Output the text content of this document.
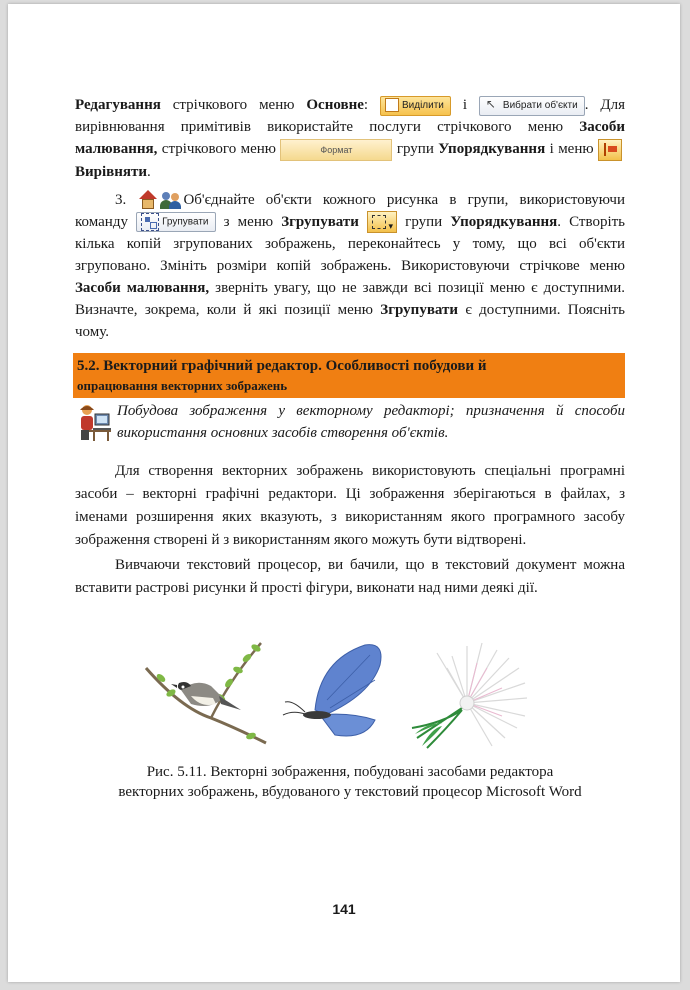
Редагування стрічкового меню Основне: Виділити і ↖Вибрати об'єкти . Для вирівнювання примітивів використайте послуги стрічкового меню Засоби малювання, стрічкового меню	Формат	групи Упорядкування і меню  Вирівняти.

3.	Об'єднайте об'єкти кожного рисунка в групи, використовуючи команду	Групувати з меню Згрупувати	▾ групи Упорядкування. Створіть кілька копій згрупованих зображень, переконайтесь у тому, що всі об'єкти згруповано. Змініть розміри копій зображень. Використовуючи стрічкове меню Засоби малювання, зверніть увагу, що не завжди всі позиції меню є доступними. Визначте, зокрема, коли й які позиції меню Згрупувати є доступними. Поясніть чому.

5.2. Векторний графічний редактор. Особливості побудови й
опрацювання векторних зображень

Побудова зображення у векторному редакторі; призначення й способи використання основних засобів створення об'єктів.

Для створення векторних зображень використовують спеціальні програмні засоби – векторні графічні редактори. Ці зображення зберігаються в файлах, з іменами розширення яких вказують, з використанням якого програмного засобу зображення створені й з використанням якого можуть бути відтворені.

Вивчаючи текстовий процесор, ви бачили, що в текстовий документ можна вставити растрові рисунки й прості фігури, виконати над ними деякі дії.

Рис. 5.11. Векторні зображення, побудовані засобами редактора
векторних зображень, вбудованого у текстовий процесор Microsoft Word
141
